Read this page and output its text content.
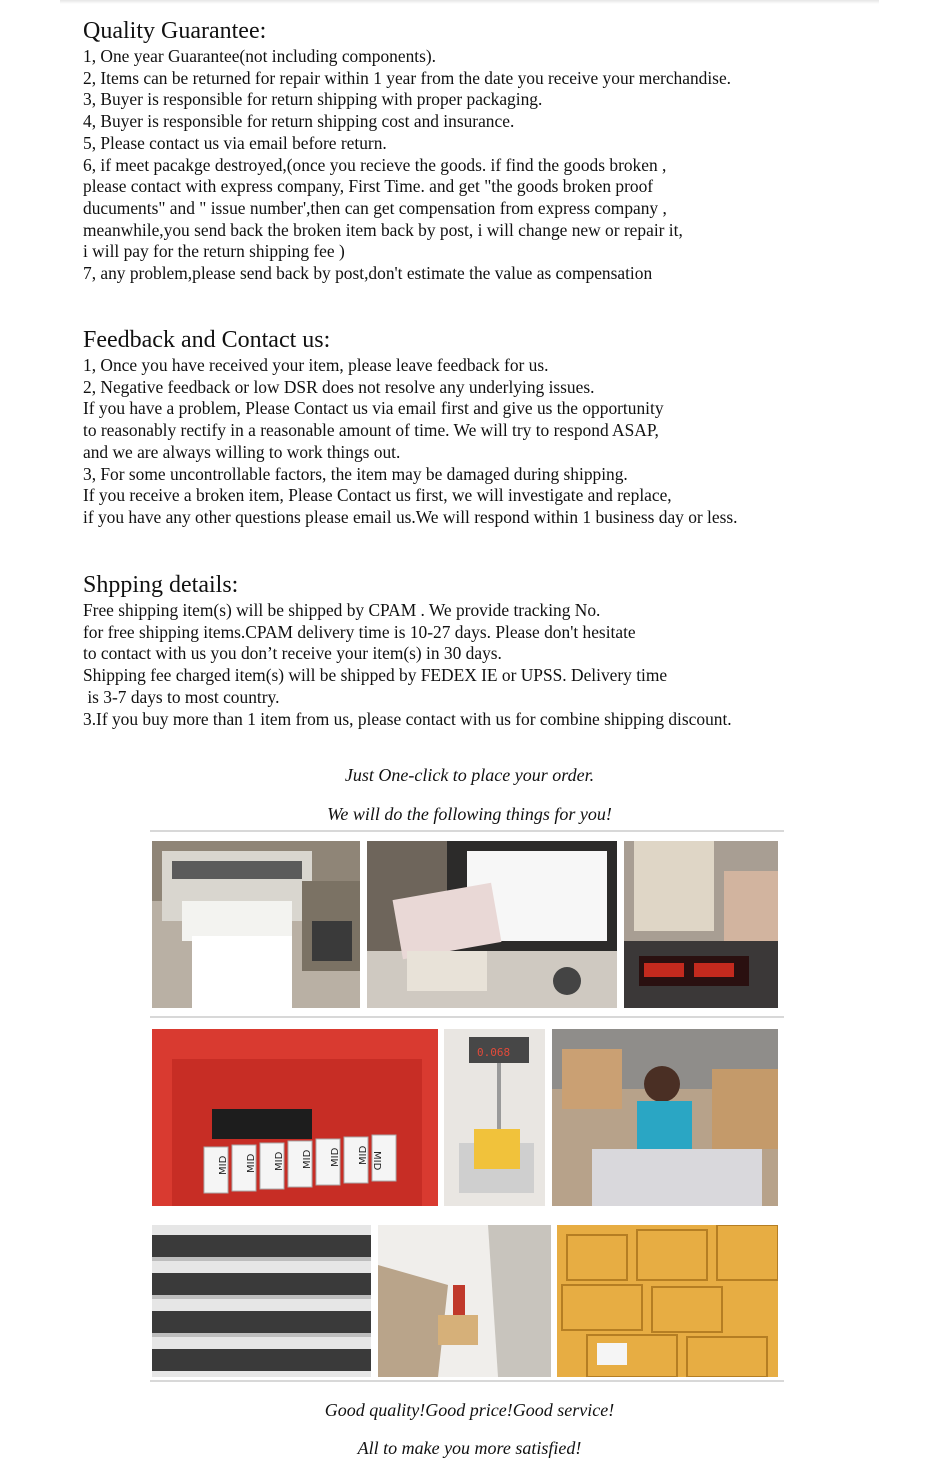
Quality Guarantee:
1, One year Guarantee(not including components).
2, Items can be returned for repair within 1 year from the date you receive your merchandise.
3, Buyer is responsible for return shipping with proper packaging.
4, Buyer is responsible for return shipping cost and insurance.
5, Please contact us via email before return.
6, if meet pacakge destroyed,(once you recieve the goods. if find the goods broken ,
please contact with express company, First Time. and get "the goods broken proof
ducuments" and " issue number',then can get compensation from express company ,
meanwhile,you send back the broken item back by post, i will change new or repair it,
i will pay for the return shipping fee )
7, any problem,please send back by post,don't estimate the value as compensation
Feedback and Contact us:
1, Once you have received your item, please leave feedback for us.
2, Negative feedback or low DSR does not resolve any underlying issues.
If you have a problem, Please Contact us via email first and give us the opportunity
to reasonably rectify in a reasonable amount of time. We will try to respond ASAP,
and we are always willing to work things out.
3, For some uncontrollable factors, the item may be damaged during shipping.
If you receive a broken item, Please Contact us first, we will investigate and replace,
if you have any other questions please email us.We will respond within 1 business day or less.
Shpping details:
Free shipping item(s) will be shipped by CPAM . We provide tracking No.
for free shipping items.CPAM delivery time is 10-27 days. Please don't hesitate
to contact with us you don’t receive your item(s) in 30 days.
Shipping fee charged item(s) will be shipped by FEDEX IE or UPSS. Delivery time
is 3-7 days to most country.
3.If you buy more than 1 item from us, please contact with us for combine shipping discount.
Just One-click to place your order.
We will do the following things for you!
MID MID MID MID MID MID MID
0.068
Good quality!Good price!Good service!
All to make you more satisfied!
